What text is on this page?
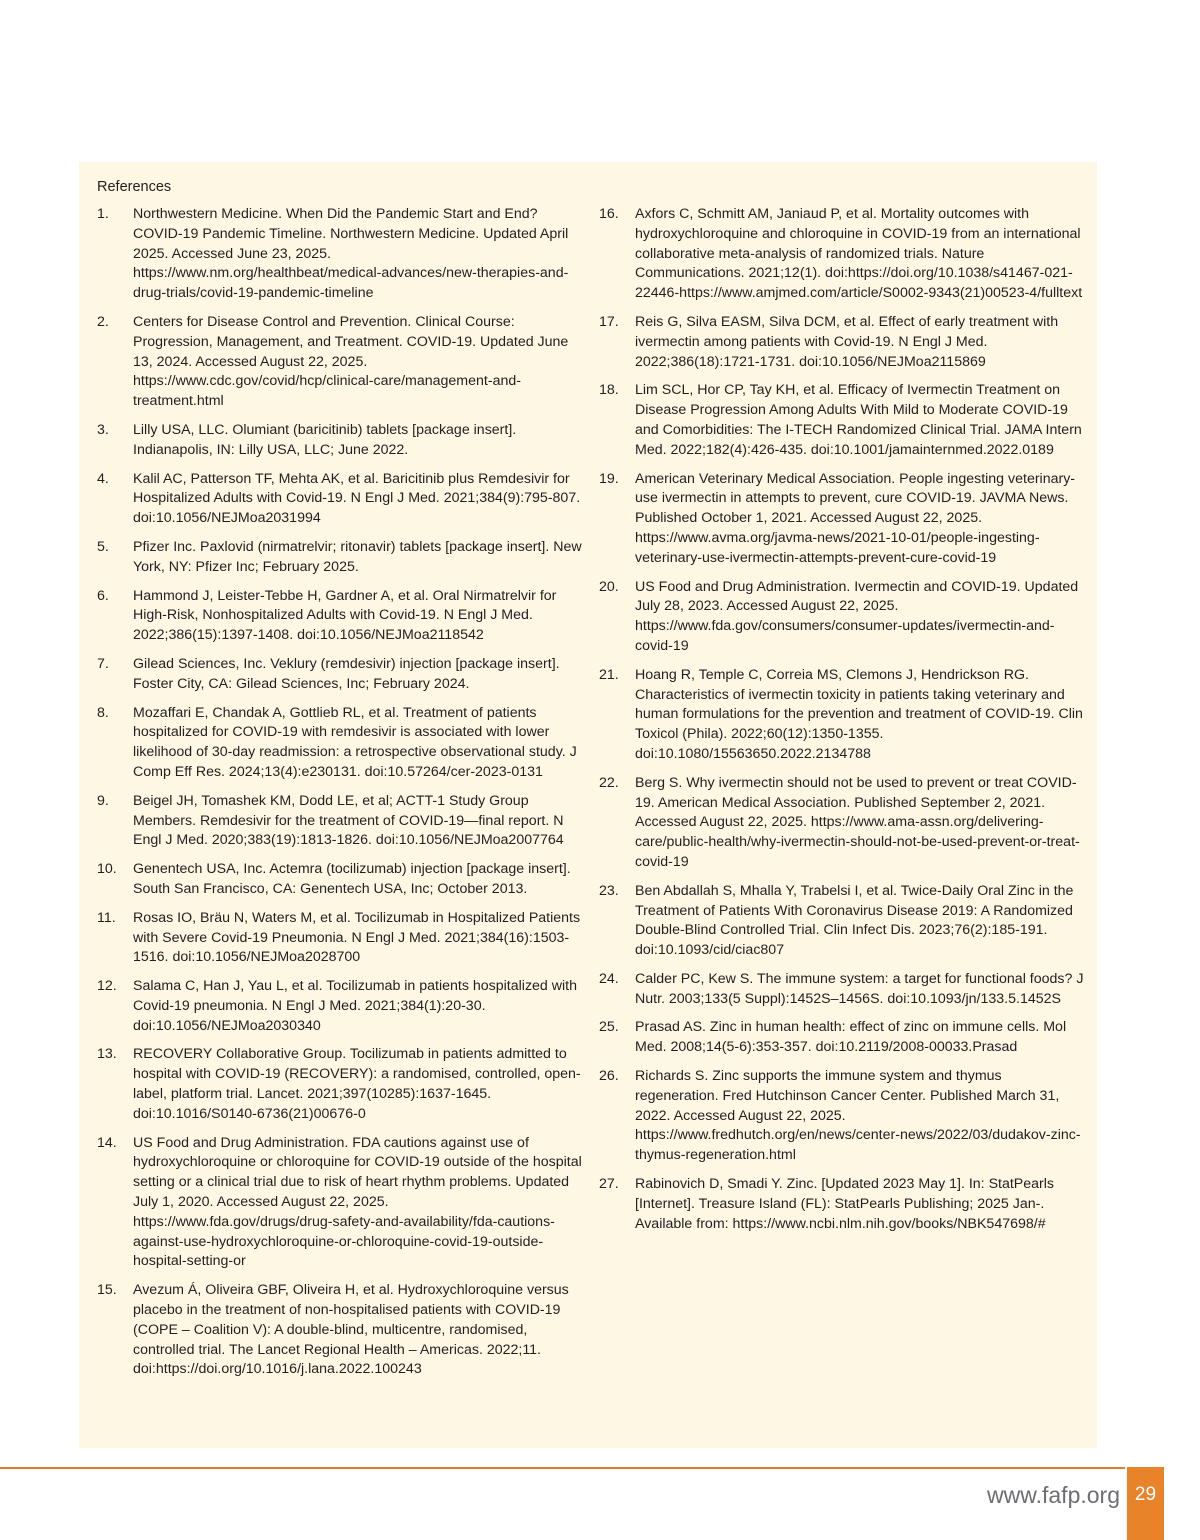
References
1.	Northwestern Medicine. When Did the Pandemic Start and End? COVID-19 Pandemic Timeline. Northwestern Medicine. Updated April 2025. Accessed June 23, 2025. https://www.nm.org/healthbeat/medical-advances/new-therapies-and-drug-trials/covid-19-pandemic-timeline
2.	Centers for Disease Control and Prevention. Clinical Course: Progression, Management, and Treatment. COVID-19. Updated June 13, 2024. Accessed August 22, 2025. https://www.cdc.gov/covid/hcp/clinical-care/management-and-treatment.html
3.	Lilly USA, LLC. Olumiant (baricitinib) tablets [package insert]. Indianapolis, IN: Lilly USA, LLC; June 2022.
4.	Kalil AC, Patterson TF, Mehta AK, et al. Baricitinib plus Remdesivir for Hospitalized Adults with Covid-19. N Engl J Med. 2021;384(9):795-807. doi:10.1056/NEJMoa2031994
5.	Pfizer Inc. Paxlovid (nirmatrelvir; ritonavir) tablets [package insert]. New York, NY: Pfizer Inc; February 2025.
6.	Hammond J, Leister-Tebbe H, Gardner A, et al. Oral Nirmatrelvir for High-Risk, Nonhospitalized Adults with Covid-19. N Engl J Med. 2022;386(15):1397-1408. doi:10.1056/NEJMoa2118542
7.	Gilead Sciences, Inc. Veklury (remdesivir) injection [package insert]. Foster City, CA: Gilead Sciences, Inc; February 2024.
8.	Mozaffari E, Chandak A, Gottlieb RL, et al. Treatment of patients hospitalized for COVID-19 with remdesivir is associated with lower likelihood of 30-day readmission: a retrospective observational study. J Comp Eff Res. 2024;13(4):e230131. doi:10.57264/cer-2023-0131
9.	Beigel JH, Tomashek KM, Dodd LE, et al; ACTT-1 Study Group Members. Remdesivir for the treatment of COVID-19—final report. N Engl J Med. 2020;383(19):1813-1826. doi:10.1056/NEJMoa2007764
10.	Genentech USA, Inc. Actemra (tocilizumab) injection [package insert]. South San Francisco, CA: Genentech USA, Inc; October 2013.
11.	Rosas IO, Bräu N, Waters M, et al. Tocilizumab in Hospitalized Patients with Severe Covid-19 Pneumonia. N Engl J Med. 2021;384(16):1503-1516. doi:10.1056/NEJMoa2028700
12.	Salama C, Han J, Yau L, et al. Tocilizumab in patients hospitalized with Covid-19 pneumonia. N Engl J Med. 2021;384(1):20-30. doi:10.1056/NEJMoa2030340
13.	RECOVERY Collaborative Group. Tocilizumab in patients admitted to hospital with COVID-19 (RECOVERY): a randomised, controlled, open-label, platform trial. Lancet. 2021;397(10285):1637-1645. doi:10.1016/S0140-6736(21)00676-0
14.	US Food and Drug Administration. FDA cautions against use of hydroxychloroquine or chloroquine for COVID-19 outside of the hospital setting or a clinical trial due to risk of heart rhythm problems. Updated July 1, 2020. Accessed August 22, 2025. https://www.fda.gov/drugs/drug-safety-and-availability/fda-cautions-against-use-hydroxychloroquine-or-chloroquine-covid-19-outside-hospital-setting-or
15.	Avezum Á, Oliveira GBF, Oliveira H, et al. Hydroxychloroquine versus placebo in the treatment of non-hospitalised patients with COVID-19 (COPE – Coalition V): A double-blind, multicentre, randomised, controlled trial. The Lancet Regional Health – Americas. 2022;11. doi:https://doi.org/10.1016/j.lana.2022.100243
16.	Axfors C, Schmitt AM, Janiaud P, et al. Mortality outcomes with hydroxychloroquine and chloroquine in COVID-19 from an international collaborative meta-analysis of randomized trials. Nature Communications. 2021;12(1). doi:https://doi.org/10.1038/s41467-021-22446-https://www.amjmed.com/article/S0002-9343(21)00523-4/fulltext
17.	Reis G, Silva EASM, Silva DCM, et al. Effect of early treatment with ivermectin among patients with Covid-19. N Engl J Med. 2022;386(18):1721-1731. doi:10.1056/NEJMoa2115869
18.	Lim SCL, Hor CP, Tay KH, et al. Efficacy of Ivermectin Treatment on Disease Progression Among Adults With Mild to Moderate COVID-19 and Comorbidities: The I-TECH Randomized Clinical Trial. JAMA Intern Med. 2022;182(4):426-435. doi:10.1001/jamainternmed.2022.0189
19.	American Veterinary Medical Association. People ingesting veterinary-use ivermectin in attempts to prevent, cure COVID-19. JAVMA News. Published October 1, 2021. Accessed August 22, 2025. https://www.avma.org/javma-news/2021-10-01/people-ingesting-veterinary-use-ivermectin-attempts-prevent-cure-covid-19
20.	US Food and Drug Administration. Ivermectin and COVID-19. Updated July 28, 2023. Accessed August 22, 2025. https://www.fda.gov/consumers/consumer-updates/ivermectin-and-covid-19
21.	Hoang R, Temple C, Correia MS, Clemons J, Hendrickson RG. Characteristics of ivermectin toxicity in patients taking veterinary and human formulations for the prevention and treatment of COVID-19. Clin Toxicol (Phila). 2022;60(12):1350-1355. doi:10.1080/15563650.2022.2134788
22.	Berg S. Why ivermectin should not be used to prevent or treat COVID-19. American Medical Association. Published September 2, 2021. Accessed August 22, 2025. https://www.ama-assn.org/delivering-care/public-health/why-ivermectin-should-not-be-used-prevent-or-treat-covid-19
23.	Ben Abdallah S, Mhalla Y, Trabelsi I, et al. Twice-Daily Oral Zinc in the Treatment of Patients With Coronavirus Disease 2019: A Randomized Double-Blind Controlled Trial. Clin Infect Dis. 2023;76(2):185-191. doi:10.1093/cid/ciac807
24.	Calder PC, Kew S. The immune system: a target for functional foods? J Nutr. 2003;133(5 Suppl):1452S–1456S. doi:10.1093/jn/133.5.1452S
25.	Prasad AS. Zinc in human health: effect of zinc on immune cells. Mol Med. 2008;14(5-6):353-357. doi:10.2119/2008-00033.Prasad
26.	Richards S. Zinc supports the immune system and thymus regeneration. Fred Hutchinson Cancer Center. Published March 31, 2022. Accessed August 22, 2025. https://www.fredhutch.org/en/news/center-news/2022/03/dudakov-zinc-thymus-regeneration.html
27.	Rabinovich D, Smadi Y. Zinc. [Updated 2023 May 1]. In: StatPearls [Internet]. Treasure Island (FL): StatPearls Publishing; 2025 Jan-. Available from: https://www.ncbi.nlm.nih.gov/books/NBK547698/#
www.fafp.org 29
